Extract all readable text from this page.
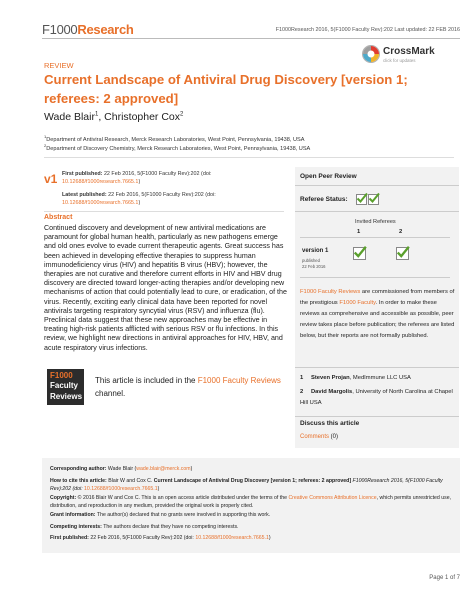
F1000Research	F1000Research 2016, 5(F1000 Faculty Rev):202 Last updated: 22 FEB 2016
CrossMark
click for updates
REVIEW
Current Landscape of Antiviral Drug Discovery [version 1; referees: 2 approved]
Wade Blair$^1$, Christopher Cox$^2$
$^1$Department of Antiviral Research, Merck Research Laboratories, West Point, Pennsylvania, 19438, USA
$^2$Department of Discovery Chemistry, Merck Research Laboratories, West Point, Pennsylvania, 19438, USA
v1 First published: 22 Feb 2016, 5(F1000 Faculty Rev):202 (doi:
10.12688/f1000research.7665.1)
Latest published: 22 Feb 2016, 5(F1000 Faculty Rev):202 (doi:
10.12688/f1000research.7665.1)
Abstract
Continued discovery and development of new antiviral medications are paramount for global human health, particularly as new pathogens emerge and old ones evolve to evade current therapeutic agents. Great success has been achieved in developing effective therapies to suppress human immunodeficiency virus (HIV) and hepatitis B virus (HBV); however, the therapies are not curative and therefore current efforts in HIV and HBV drug discovery are directed toward longer-acting therapies and/or developing new mechanisms of action that could potentially lead to cure, or eradication, of the virus. Recently, exciting early clinical data have been reported for novel antivirals targeting respiratory syncytial virus (RSV) and influenza (flu). Preclinical data suggest that these new approaches may be effective in treating high-risk patients afflicted with serious RSV or flu infections. In this review, we highlight new directions in antiviral approaches for HIV, HBV, and acute respiratory virus infections.
F1000
Faculty
Reviews
This article is included in the F1000 Faculty Reviews channel.
Open Peer Review
Referee Status:
Invited Referees
1	2
version 1
published
22 Feb 2016
F1000 Faculty Reviews are commissioned from members of the prestigious F1000 Faculty. In order to make these reviews as comprehensive and accessible as possible, peer review takes place before publication; the referees are listed below, but their reports are not formally published.
1 Steven Projan, MedImmune LLC USA
2 David Margolis, University of North Carolina at Chapel Hill USA
Discuss this article
Comments (0)
Corresponding author: Wade Blair (wade.blair@merck.com)
How to cite this article: Blair W and Cox C. Current Landscape of Antiviral Drug Discovery [version 1; referees: 2 approved] F1000Research 2016, 5(F1000 Faculty Rev):202 (doi: 10.12688/f1000research.7665.1)
Copyright: © 2016 Blair W and Cox C. This is an open access article distributed under the terms of the Creative Commons Attribution Licence, which permits unrestricted use, distribution, and reproduction in any medium, provided the original work is properly cited.
Grant information: The author(s) declared that no grants were involved in supporting this work.
Competing interests: The authors declare that they have no competing interests.
First published: 22 Feb 2016, 5(F1000 Faculty Rev):202 (doi: 10.12688/f1000research.7665.1)
Page 1 of 7
